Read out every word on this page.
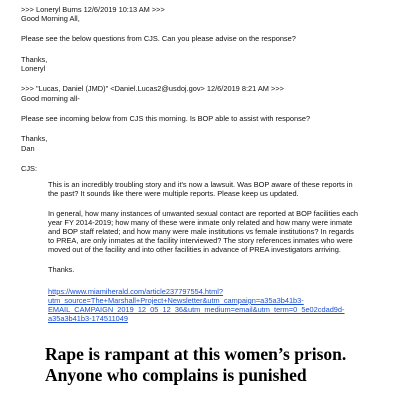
>>> Loneryl Burns 12/6/2019 10:13 AM >>>
Good Morning All,
Please see the below questions from CJS. Can you please advise on the response?
Thanks,
Loneryl
>>> "Lucas, Daniel (JMD)" <Daniel.Lucas2@usdoj.gov> 12/6/2019 8:21 AM >>>
Good morning all-
Please see incoming below from CJS this morning. Is BOP able to assist with response?
Thanks,
Dan
CJS:
This is an incredibly troubling story and it's now a lawsuit. Was BOP aware of these reports in
the past? It sounds like there were multiple reports. Please keep us updated.
In general, how many instances of unwanted sexual contact are reported at BOP facilities each
year FY 2014-2019; how many of these were inmate only related and how many were inmate
and BOP staff related; and how many were male institutions vs female institutions? In regards
to PREA, are only inmates at the facility interviewed? The story references inmates who were
moved out of the facility and into other facilities in advance of PREA investigators arriving.
Thanks.
https://www.miamiherald.com/article237797554.html?
utm_source=The+Marshall+Project+Newsletter&utm_campaign=a35a3b41b3-
EMAIL_CAMPAIGN_2019_12_05_12_36&utm_medium=email&utm_term=0_5e02cdad9d-
a35a3b41b3-174511049
Rape is rampant at this women’s prison.
Anyone who complains is punished
